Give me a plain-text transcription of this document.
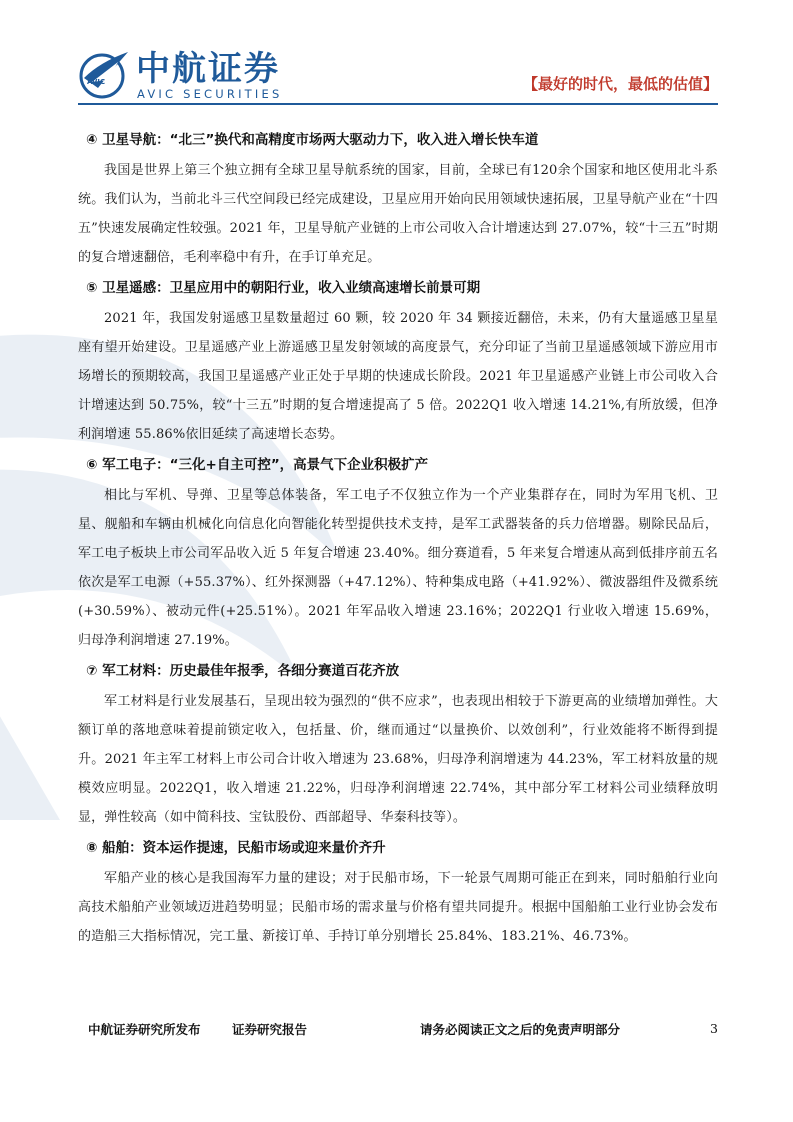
AVIC 中航证券
AVIC SECURITIES
【最好的时代，最低的估值】
④ 卫星导航：“北三”换代和高精度市场两大驱动力下，收入进入增长快车道

我国是世界上第三个独立拥有全球卫星导航系统的国家，目前，全球已有120余个国家和地区使用北斗系统。我们认为，当前北斗三代空间段已经完成建设，卫星应用开始向民用领域快速拓展，卫星导航产业在“十四五”快速发展确定性较强。2021 年，卫星导航产业链的上市公司收入合计增速达到 27.07%，较“十三五”时期的复合增速翻倍，毛利率稳中有升，在手订单充足。

⑤ 卫星遥感：卫星应用中的朝阳行业，收入业绩高速增长前景可期

2021 年，我国发射遥感卫星数量超过 60 颗，较 2020 年 34 颗接近翻倍，未来，仍有大量遥感卫星星座有望开始建设。卫星遥感产业上游遥感卫星发射领域的高度景气，充分印证了当前卫星遥感领域下游应用市场增长的预期较高，我国卫星遥感产业正处于早期的快速成长阶段。2021 年卫星遥感产业链上市公司收入合计增速达到 50.75%，较“十三五”时期的复合增速提高了 5 倍。2022Q1 收入增速 14.21%,有所放缓，但净利润增速 55.86%依旧延续了高速增长态势。

⑥ 军工电子：“三化+自主可控”，高景气下企业积极扩产

相比与军机、导弹、卫星等总体装备，军工电子不仅独立作为一个产业集群存在，同时为军用飞机、卫星、舰船和车辆由机械化向信息化向智能化转型提供技术支持，是军工武器装备的兵力倍增器。剔除民品后，军工电子板块上市公司军品收入近 5 年复合增速 23.40%。细分赛道看，5 年来复合增速从高到低排序前五名依次是军工电源（+55.37%）、红外探测器（+47.12%）、特种集成电路（+41.92%）、微波器组件及微系统(+30.59%）、被动元件(+25.51%）。2021 年军品收入增速 23.16%；2022Q1 行业收入增速 15.69%，归母净利润增速 27.19%。

⑦ 军工材料：历史最佳年报季，各细分赛道百花齐放

军工材料是行业发展基石，呈现出较为强烈的“供不应求”，也表现出相较于下游更高的业绩增加弹性。大额订单的落地意味着提前锁定收入，包括量、价，继而通过“以量换价、以效创利”，行业效能将不断得到提升。2021 年主军工材料上市公司合计收入增速为 23.68%，归母净利润增速为 44.23%，军工材料放量的规模效应明显。2022Q1，收入增速 21.22%，归母净利润增速 22.74%，其中部分军工材料公司业绩释放明显，弹性较高（如中简科技、宝钛股份、西部超导、华秦科技等）。

⑧ 船舶：资本运作提速，民船市场或迎来量价齐升

军船产业的核心是我国海军力量的建设；对于民船市场，下一轮景气周期可能正在到来，同时船舶行业向高技术船舶产业领域迈进趋势明显；民船市场的需求量与价格有望共同提升。根据中国船舶工业行业协会发布的造船三大指标情况，完工量、新接订单、手持订单分别增长 25.84%、183.21%、46.73%。

中航证券研究所发布	证券研究报告	请务必阅读正文之后的免责声明部分	3
